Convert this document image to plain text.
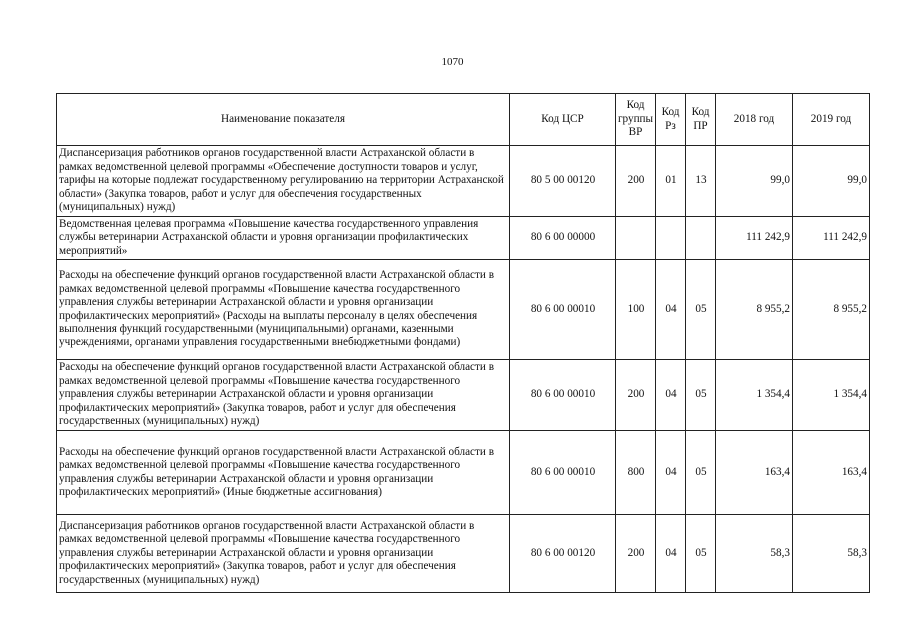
1070
Наименование показателя	Код ЦСР	Код группы ВР	Код Рз	Код ПР	2018 год	2019 год
Диспансеризация работников органов государственной власти Астраханской области в рамках ведомственной целевой программы «Обеспечение доступности товаров и услуг, тарифы на которые подлежат государственному регулированию на территории Астраханской области» (Закупка товаров, работ и услуг для обеспечения государственных (муниципальных) нужд)	80 5 00 00120	200	01	13	99,0	99,0
Ведомственная целевая программа «Повышение качества государственного управления службы ветеринарии Астраханской области и уровня организации профилактических мероприятий»	80 6 00 00000				111 242,9	111 242,9
Расходы на обеспечение функций органов государственной власти Астраханской области в рамках ведомственной целевой программы «Повышение качества государственного управления службы ветеринарии Астраханской области и уровня организации профилактических мероприятий» (Расходы на выплаты персоналу в целях обеспечения выполнения функций государственными (муниципальными) органами, казенными учреждениями, органами управления государственными внебюджетными фондами)	80 6 00 00010	100	04	05	8 955,2	8 955,2
Расходы на обеспечение функций органов государственной власти Астраханской области в рамках ведомственной целевой программы «Повышение качества государственного управления службы ветеринарии Астраханской области и уровня организации профилактических мероприятий» (Закупка товаров, работ и услуг для обеспечения государственных (муниципальных) нужд)	80 6 00 00010	200	04	05	1 354,4	1 354,4
Расходы на обеспечение функций органов государственной власти Астраханской области в рамках ведомственной целевой программы «Повышение качества государственного управления службы ветеринарии Астраханской области и уровня организации профилактических мероприятий» (Иные бюджетные ассигнования)	80 6 00 00010	800	04	05	163,4	163,4
Диспансеризация работников органов государственной власти Астраханской области в рамках ведомственной целевой программы «Повышение качества государственного управления службы ветеринарии Астраханской области и уровня организации профилактических мероприятий» (Закупка товаров, работ и услуг для обеспечения государственных (муниципальных) нужд)	80 6 00 00120	200	04	05	58,3	58,3
